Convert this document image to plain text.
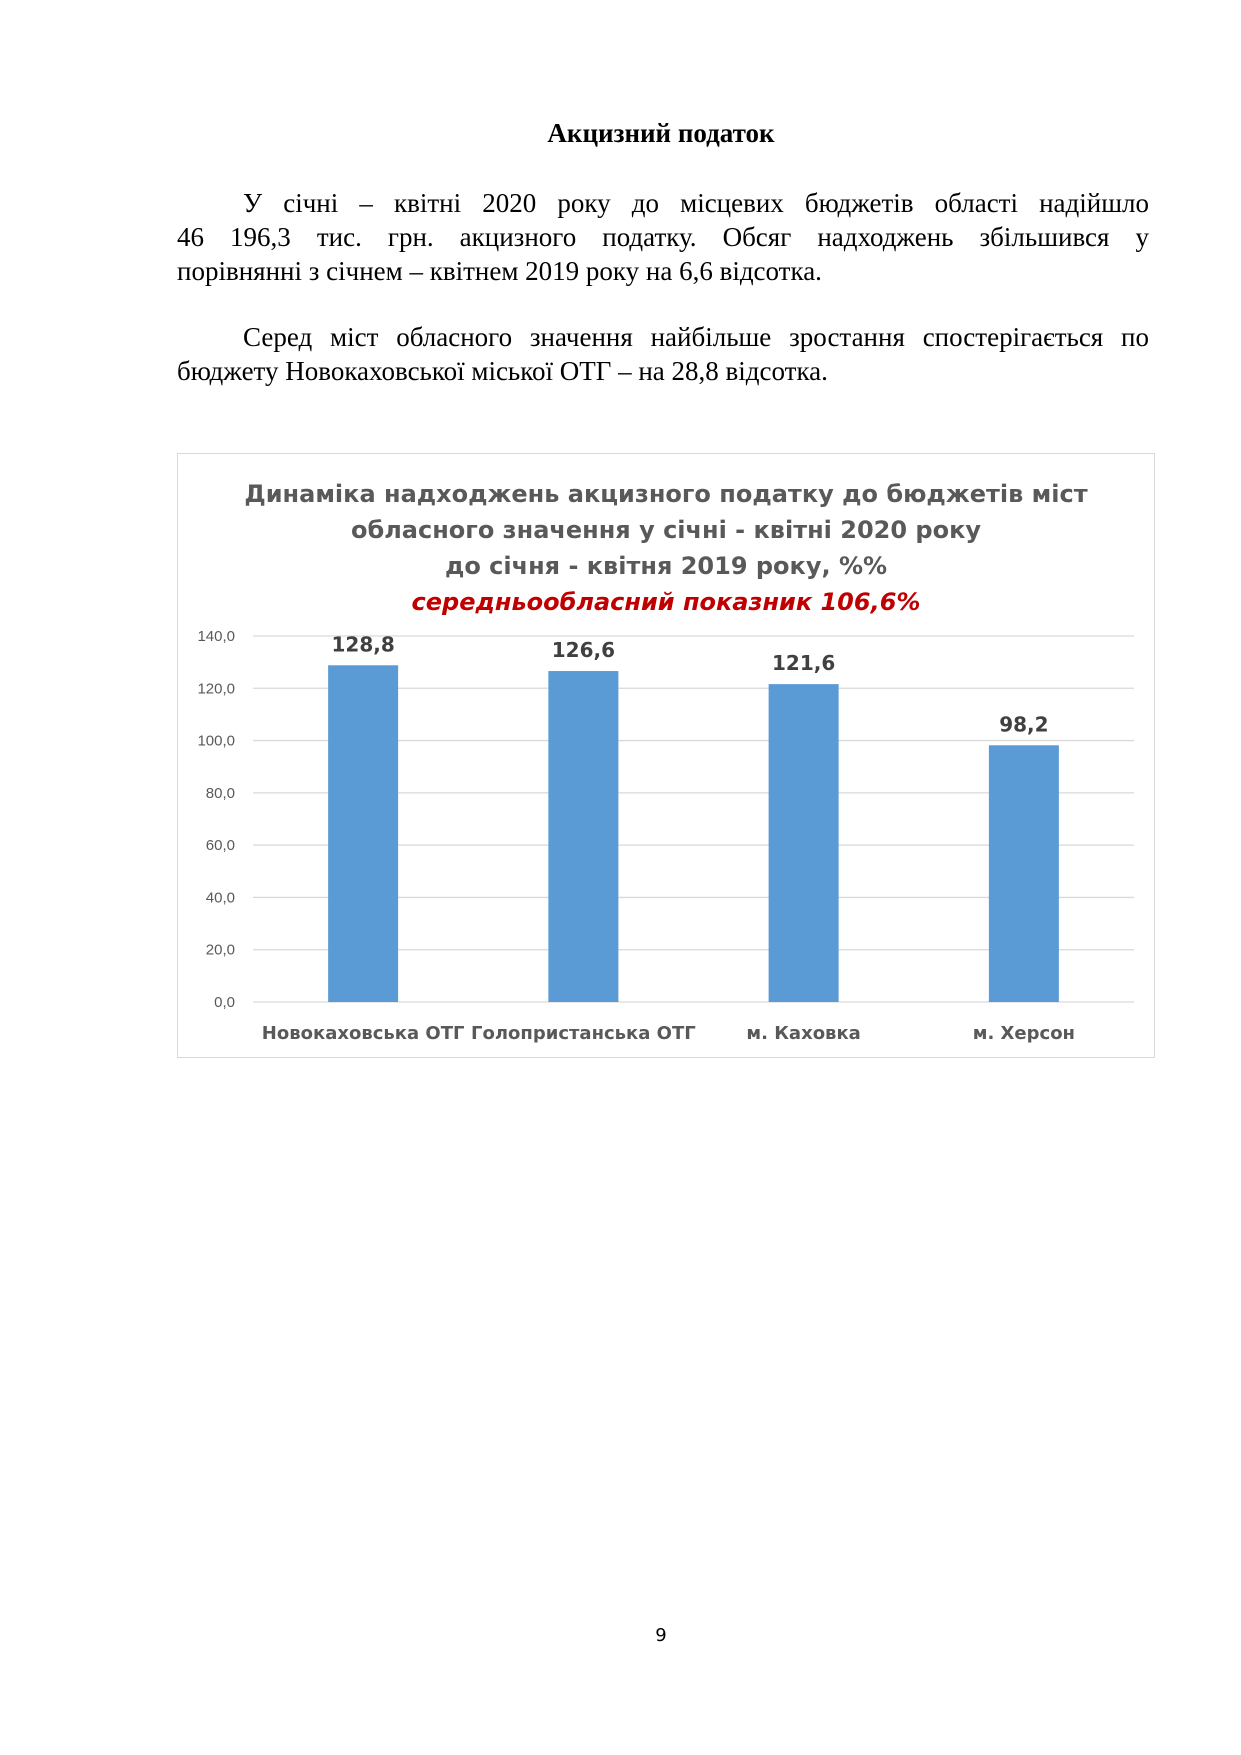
Акцизний податок
У січні – квітні 2020 року до місцевих бюджетів області надійшло
46 196,3 тис. грн. акцизного податку. Обсяг надходжень збільшився у
порівнянні з січнем – квітнем 2019 року на 6,6 відсотка.
Серед міст обласного значення найбільше зростання спостерігається по
бюджету Новокаховської міської ОТГ – на 28,8 відсотка.
Динаміка надходжень акцизного податку до бюджетів міст
обласного значення у січні - квітні 2020 року
до січня - квітня 2019 року, %%
середньообласний показник 106,6%
0,0
20,0
40,0
60,0
80,0
100,0
120,0
140,0	128,8
Новокаховська ОТГ
126,6
Голопристанська ОТГ
121,6
м. Каховка
98,2
м. Херсон

9
